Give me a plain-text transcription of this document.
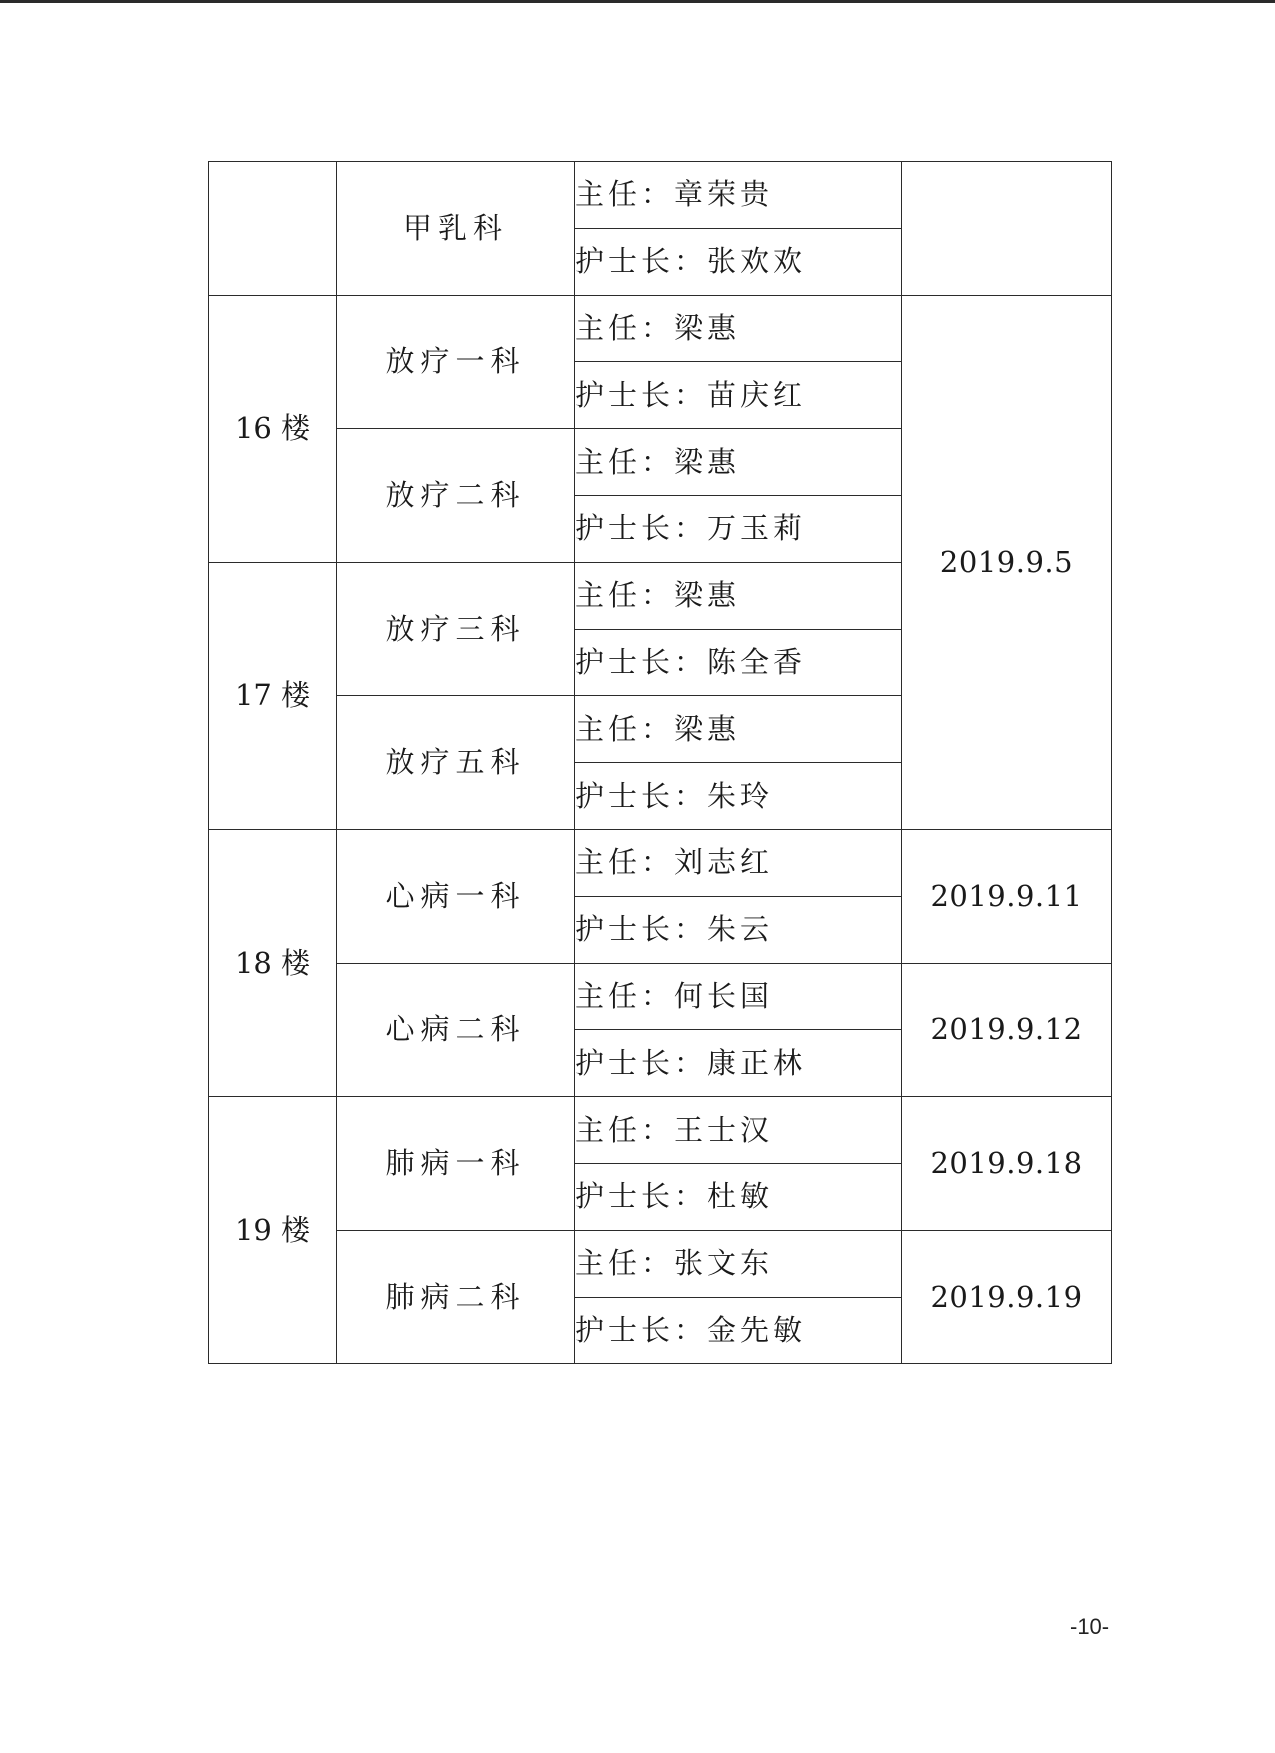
	甲乳科	主任：章荣贵	
		护士长：张欢欢	
16 楼	放疗一科	主任：梁惠	2019.9.5
		护士长：苗庆红	
	放疗二科	主任：梁惠	
		护士长：万玉莉	
17 楼	放疗三科	主任：梁惠	
		护士长：陈全香	
	放疗五科	主任：梁惠	
		护士长：朱玲	
18 楼	心病一科	主任：刘志红	2019.9.11
		护士长：朱云	
	心病二科	主任：何长国	2019.9.12
		护士长：康正林	
19 楼	肺病一科	主任：王士汉	2019.9.18
		护士长：杜敏	
	肺病二科	主任：张文东	2019.9.19
		护士长：金先敏	
-10-
